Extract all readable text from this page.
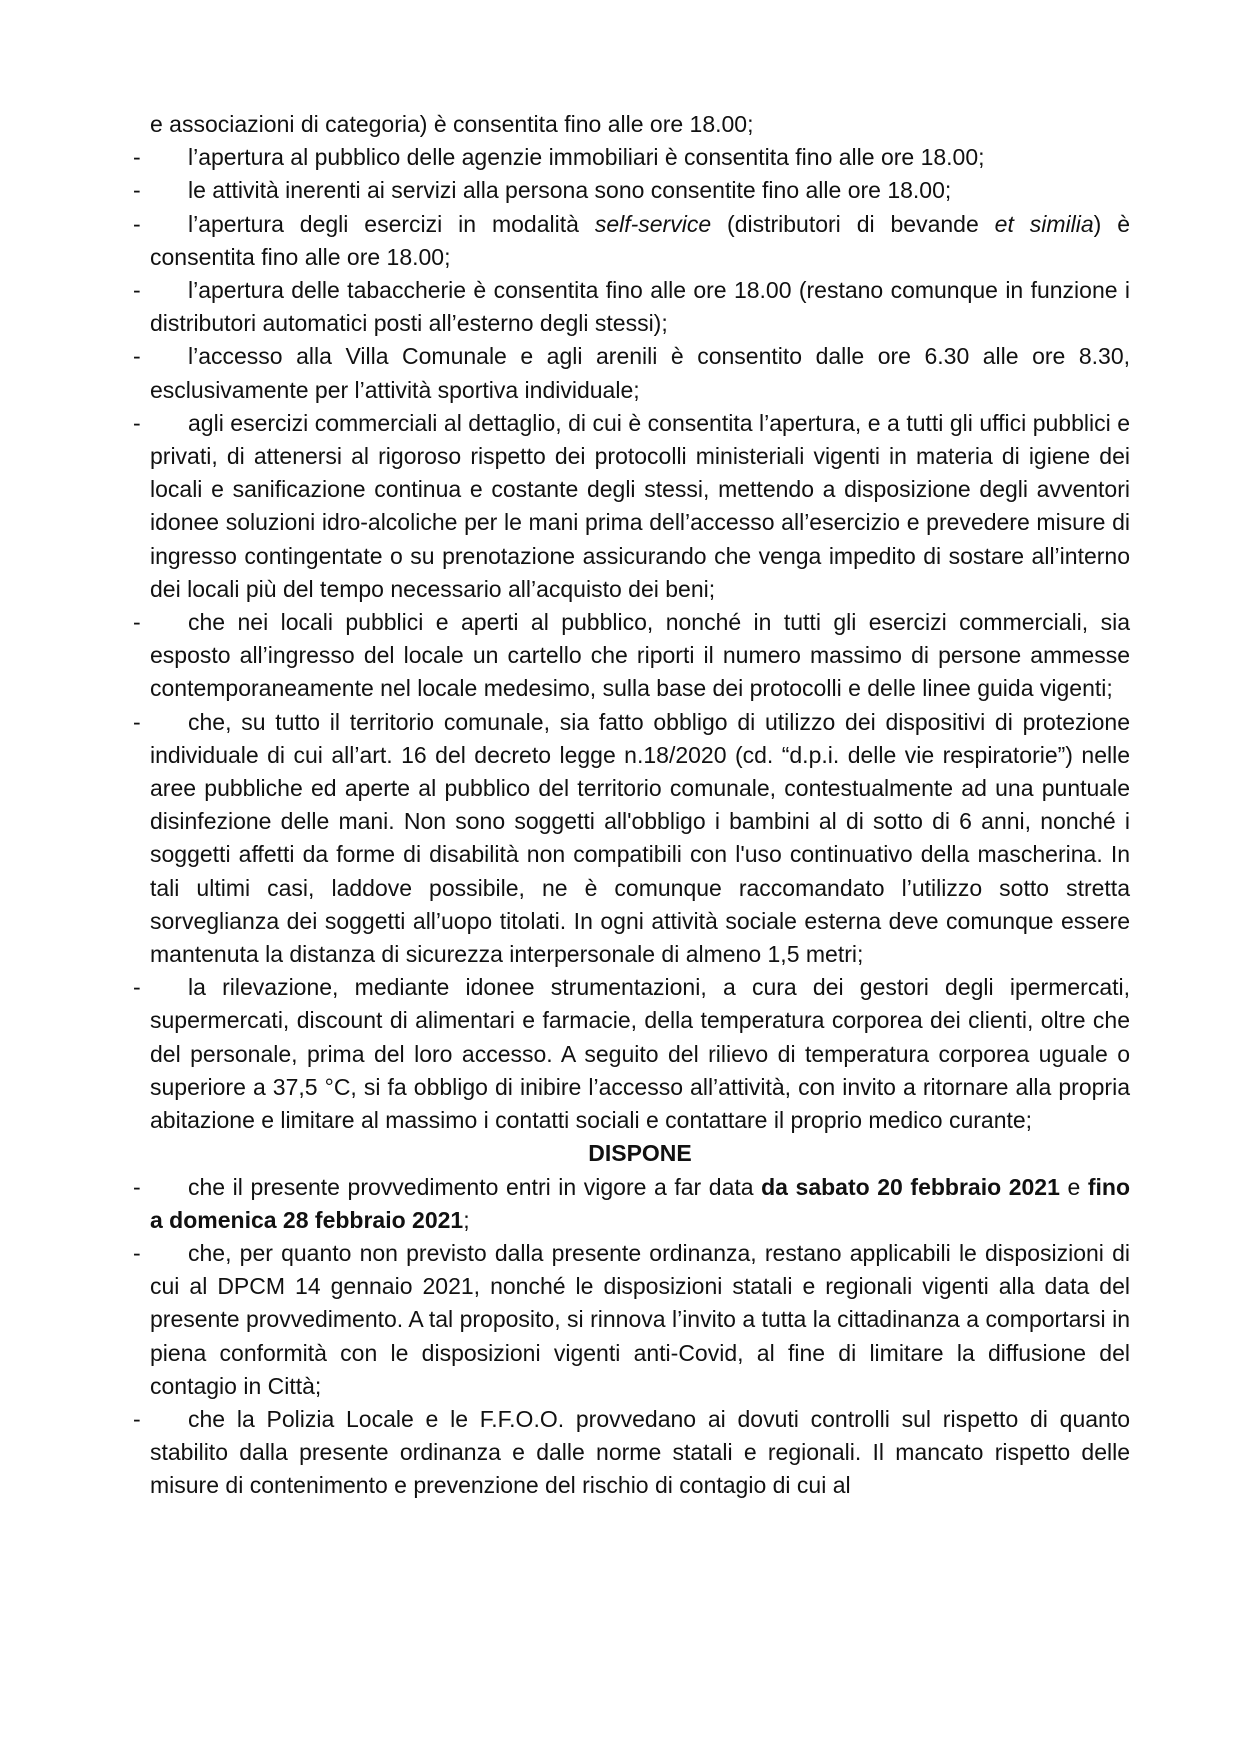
e associazioni di categoria) è consentita fino alle ore 18.00;

- l’apertura al pubblico delle agenzie immobiliari è consentita fino alle ore 18.00;

- le attività inerenti ai servizi alla persona sono consentite fino alle ore 18.00;

- l’apertura degli esercizi in modalità self-service (distributori di bevande et similia) è consentita fino alle ore 18.00;

- l’apertura delle tabaccherie è consentita fino alle ore 18.00 (restano comunque in funzione i distributori automatici posti all’esterno degli stessi);

- l’accesso alla Villa Comunale e agli arenili è consentito dalle ore 6.30 alle ore 8.30, esclusivamente per l’attività sportiva individuale;

- agli esercizi commerciali al dettaglio, di cui è consentita l’apertura, e a tutti gli uffici pubblici e privati, di attenersi al rigoroso rispetto dei protocolli ministeriali vigenti in materia di igiene dei locali e sanificazione continua e costante degli stessi, mettendo a disposizione degli avventori idonee soluzioni idro-alcoliche per le mani prima dell’accesso all’esercizio e prevedere misure di ingresso contingentate o su prenotazione assicurando che venga impedito di sostare all’interno dei locali più del tempo necessario all’acquisto dei beni;

- che nei locali pubblici e aperti al pubblico, nonché in tutti gli esercizi commerciali, sia esposto all’ingresso del locale un cartello che riporti il numero massimo di persone ammesse contemporaneamente nel locale medesimo, sulla base dei protocolli e delle linee guida vigenti;

- che, su tutto il territorio comunale, sia fatto obbligo di utilizzo dei dispositivi di protezione individuale di cui all’art. 16 del decreto legge n.18/2020 (cd. “d.p.i. delle vie respiratorie”) nelle aree pubbliche ed aperte al pubblico del territorio comunale, contestualmente ad una puntuale disinfezione delle mani. Non sono soggetti all'obbligo i bambini al di sotto di 6 anni, nonché i soggetti affetti da forme di disabilità non compatibili con l'uso continuativo della mascherina. In tali ultimi casi, laddove possibile, ne è comunque raccomandato l’utilizzo sotto stretta sorveglianza dei soggetti all’uopo titolati. In ogni attività sociale esterna deve comunque essere mantenuta la distanza di sicurezza interpersonale di almeno 1,5 metri;

- la rilevazione, mediante idonee strumentazioni, a cura dei gestori degli ipermercati, supermercati, discount di alimentari e farmacie, della temperatura corporea dei clienti, oltre che del personale, prima del loro accesso. A seguito del rilievo di temperatura corporea uguale o superiore a 37,5 °C, si fa obbligo di inibire l’accesso all’attività, con invito a ritornare alla propria abitazione e limitare al massimo i contatti sociali e contattare il proprio medico curante;

DISPONE

- che il presente provvedimento entri in vigore a far data da sabato 20 febbraio 2021 e fino a domenica 28 febbraio 2021;

- che, per quanto non previsto dalla presente ordinanza, restano applicabili le disposizioni di cui al DPCM 14 gennaio 2021, nonché le disposizioni statali e regionali vigenti alla data del presente provvedimento. A tal proposito, si rinnova l’invito a tutta la cittadinanza a comportarsi in piena conformità con le disposizioni vigenti anti-Covid, al fine di limitare la diffusione del contagio in Città;

- che la Polizia Locale e le F.F.O.O. provvedano ai dovuti controlli sul rispetto di quanto stabilito dalla presente ordinanza e dalle norme statali e regionali. Il mancato rispetto delle misure di contenimento e prevenzione del rischio di contagio di cui al
